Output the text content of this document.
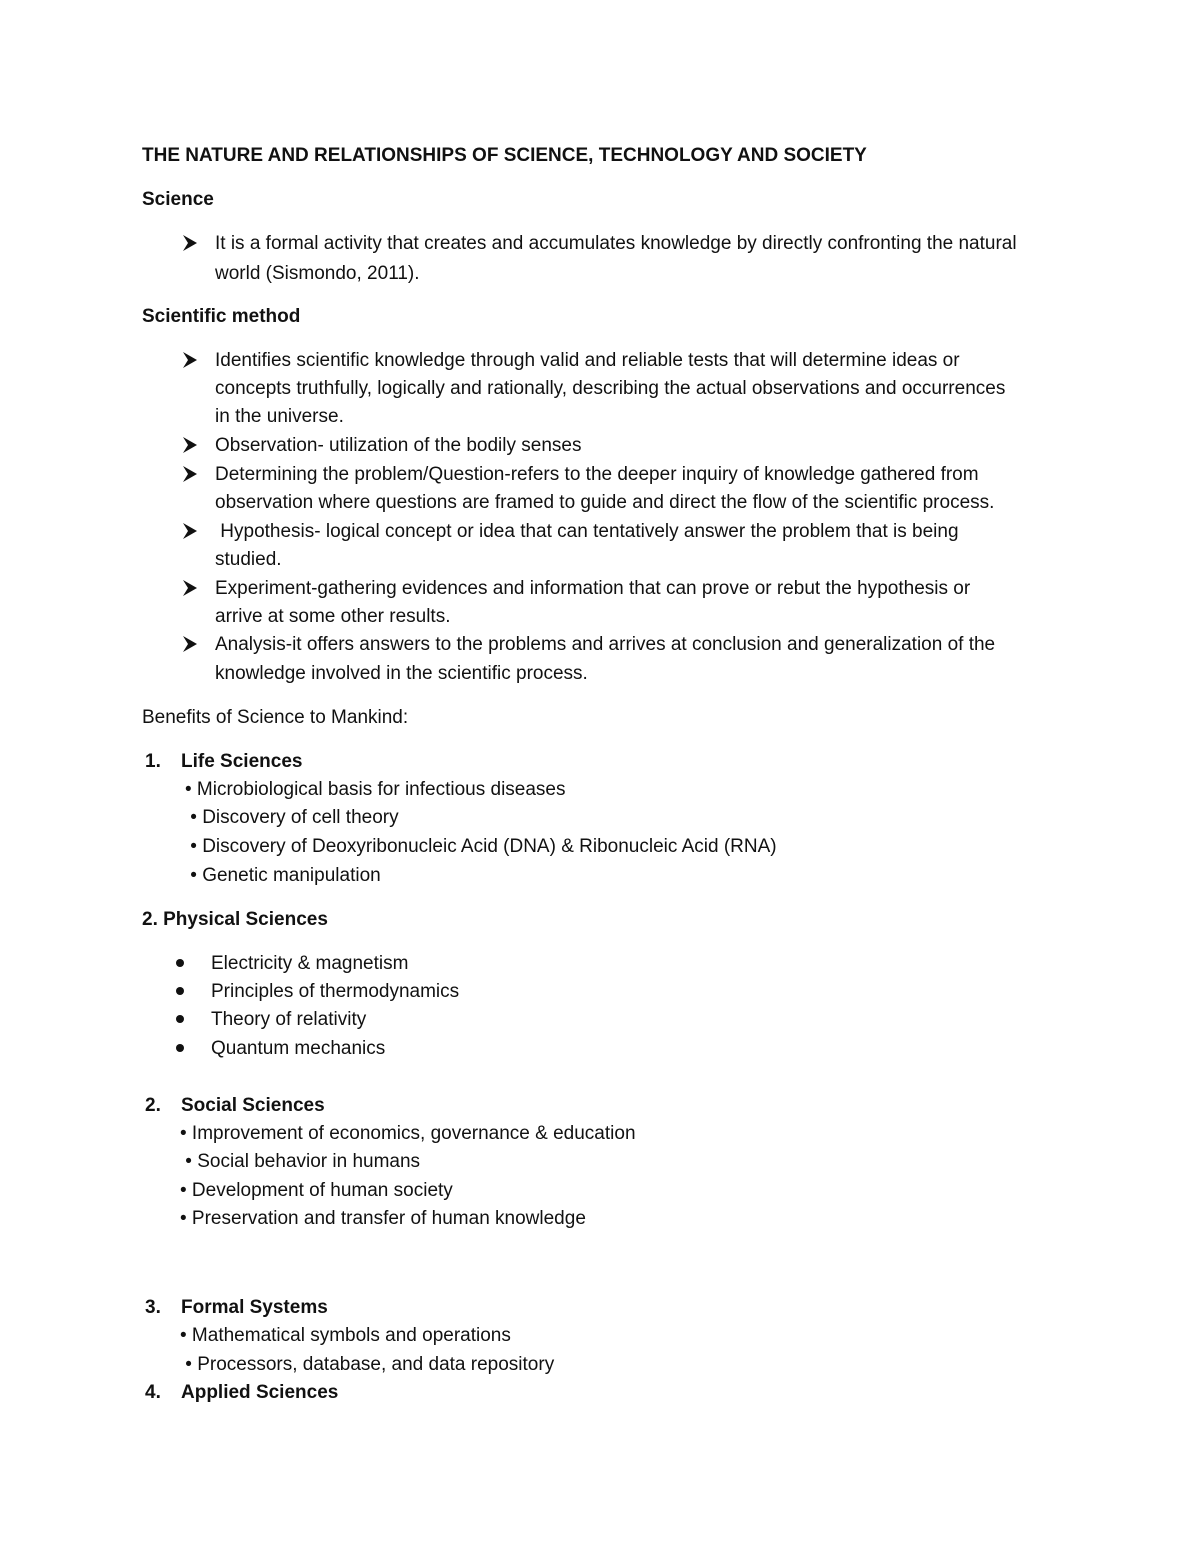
THE NATURE AND RELATIONSHIPS OF SCIENCE, TECHNOLOGY AND SOCIETY
Science
It is a formal activity that creates and accumulates knowledge by directly confronting the natural
world (Sismondo, 2011).
Scientific method
Identifies scientific knowledge through valid and reliable tests that will determine ideas or
concepts truthfully, logically and rationally, describing the actual observations and occurrences
in the universe.
Observation- utilization of the bodily senses
Determining the problem/Question-refers to the deeper inquiry of knowledge gathered from
observation where questions are framed to guide and direct the flow of the scientific process.
Hypothesis- logical concept or idea that can tentatively answer the problem that is being
studied.
Experiment-gathering evidences and information that can prove or rebut the hypothesis or
arrive at some other results.
Analysis-it offers answers to the problems and arrives at conclusion and generalization of the
knowledge involved in the scientific process.
Benefits of Science to Mankind:
1. Life Sciences
• Microbiological basis for infectious diseases
• Discovery of cell theory
• Discovery of Deoxyribonucleic Acid (DNA) & Ribonucleic Acid (RNA)
• Genetic manipulation
2. Physical Sciences
Electricity & magnetism
Principles of thermodynamics
Theory of relativity
Quantum mechanics
2. Social Sciences
• Improvement of economics, governance & education
• Social behavior in humans
• Development of human society
• Preservation and transfer of human knowledge
3. Formal Systems
• Mathematical symbols and operations
• Processors, database, and data repository
4. Applied Sciences
